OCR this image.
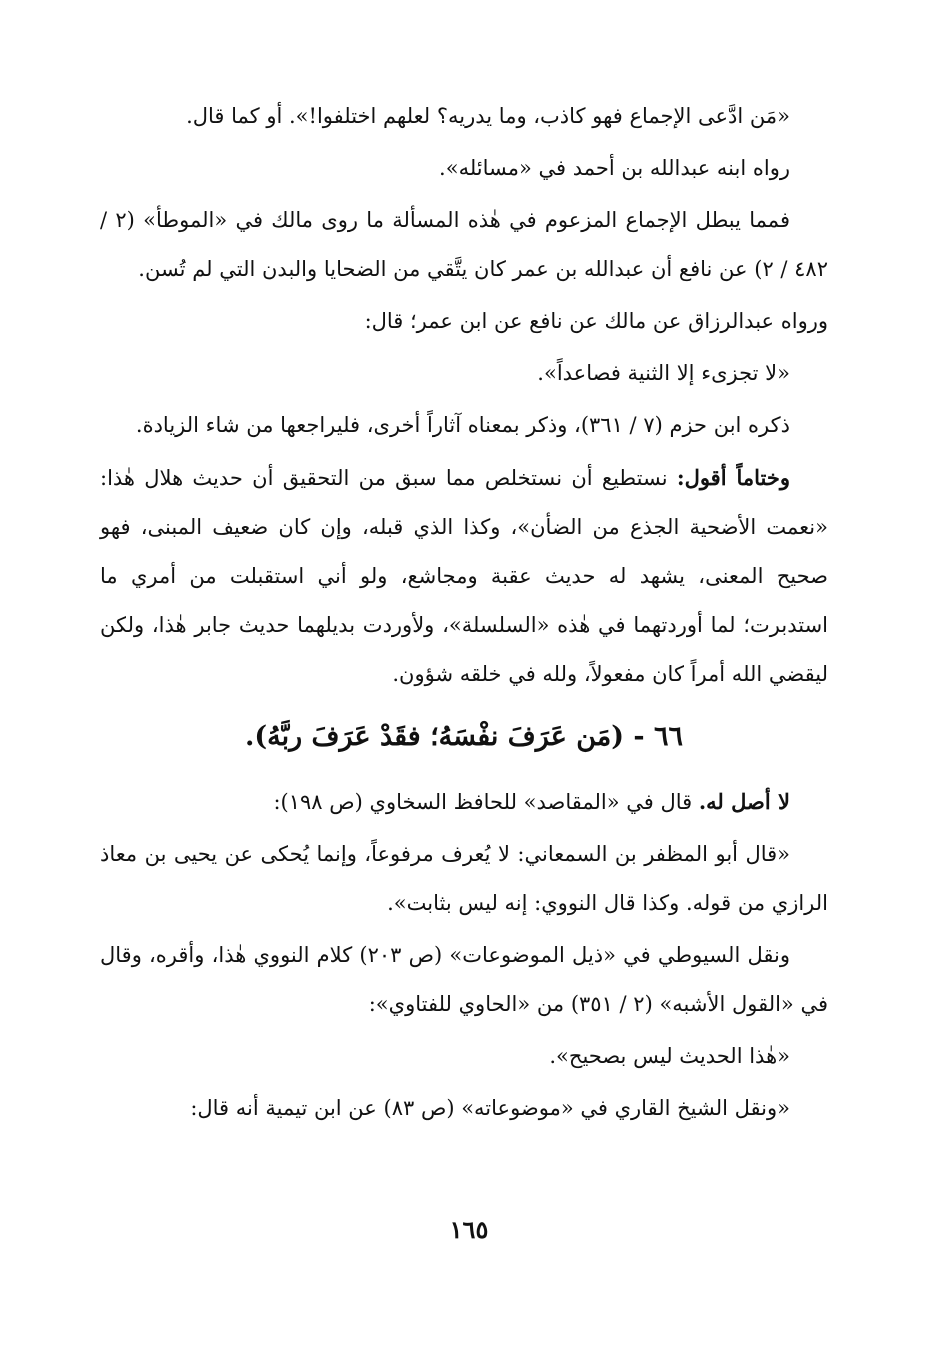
«مَن ادَّعى الإجماع فهو كاذب، وما يدريه؟ لعلهم اختلفوا!». أو كما قال.

رواه ابنه عبدالله بن أحمد في «مسائله».

فمما يبطل الإجماع المزعوم في هٰذه المسألة ما روى مالك في «الموطأ» (٢ / ٤٨٢ / ٢) عن نافع أن عبدالله بن عمر كان يتَّقي من الضحايا والبدن التي لم تُسن.

ورواه عبدالرزاق عن مالك عن نافع عن ابن عمر؛ قال:

«لا تجزىء إلا الثنية فصاعداً».

ذكره ابن حزم (٧ / ٣٦١)، وذكر بمعناه آثاراً أخرى، فليراجعها من شاء الزيادة.

وختاماً أقول: نستطيع أن نستخلص مما سبق من التحقيق أن حديث هلال هٰذا: «نعمت الأضحية الجذع من الضأن»، وكذا الذي قبله، وإن كان ضعيف المبنى، فهو صحيح المعنى، يشهد له حديث عقبة ومجاشع، ولو أني استقبلت من أمري ما استدبرت؛ لما أوردتهما في هٰذه «السلسلة»، ولأوردت بديلهما حديث جابر هٰذا، ولكن ليقضي الله أمراً كان مفعولاً، ولله في خلقه شؤون.

٦٦ - (مَن عَرَفَ نفْسَهُ؛ فقَدْ عَرَفَ ربَّهُ).

لا أصل له. قال في «المقاصد» للحافظ السخاوي (ص ١٩٨):

«قال أبو المظفر بن السمعاني: لا يُعرف مرفوعاً، وإنما يُحكى عن يحيى بن معاذ الرازي من قوله. وكذا قال النووي: إنه ليس بثابت».

ونقل السيوطي في «ذيل الموضوعات» (ص ٢٠٣) كلام النووي هٰذا، وأقره، وقال في «القول الأشبه» (٢ / ٣٥١) من «الحاوي للفتاوي»:

«هٰذا الحديث ليس بصحيح».

«ونقل الشيخ القاري في «موضوعاته» (ص ٨٣) عن ابن تيمية أنه قال:

١٦٥
